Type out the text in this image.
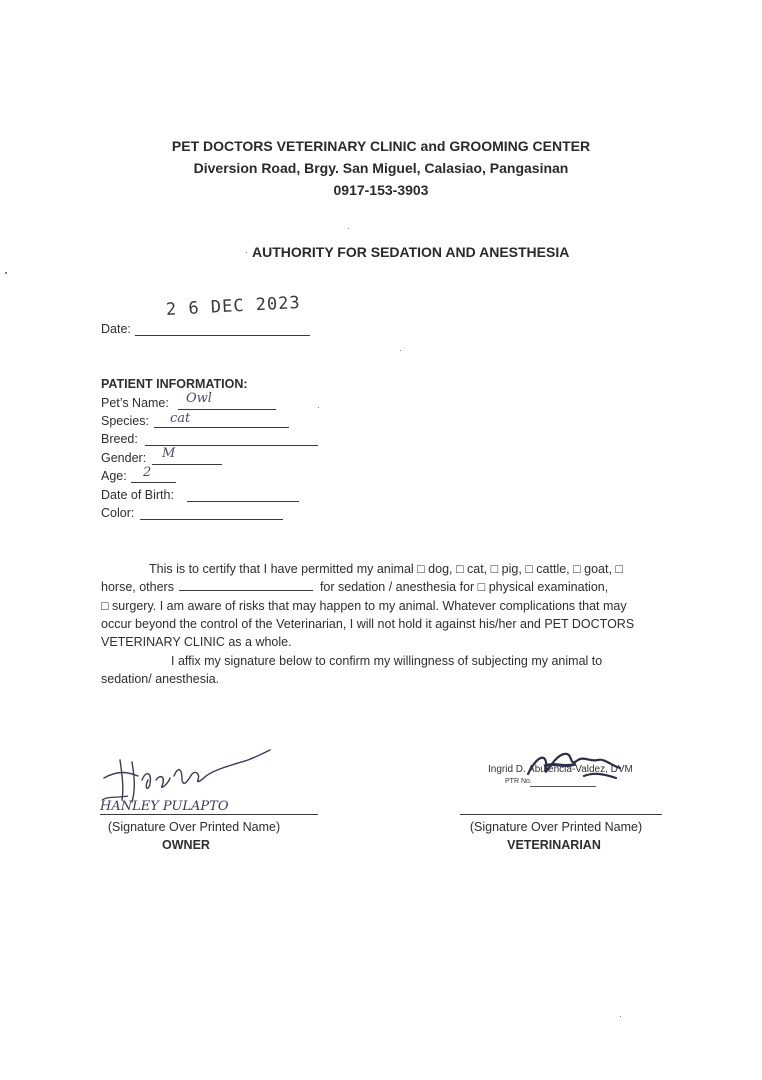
PET DOCTORS VETERINARY CLINIC and GROOMING CENTER
Diversion Road, Brgy. San Miguel, Calasiao, Pangasinan
0917-153-3903
AUTHORITY FOR SEDATION AND ANESTHESIA
2 6 DEC 2023
Date:
PATIENT INFORMATION:
Pet’s Name: Owl
Species: cat
Breed:
Gender: M
Age: 2
Date of Birth:
Color:
This is to certify that I have permitted my animal □ dog, □ cat, □ pig, □ cattle, □ goat, □
horse, others	for sedation / anesthesia for □ physical examination,
□ surgery. I am aware of risks that may happen to my animal. Whatever complications that may
occur beyond the control of the Veterinarian, I will not hold it against his/her and PET DOCTORS
VETERINARY CLINIC as a whole.
I affix my signature below to confirm my willingness of subjecting my animal to
sedation/ anesthesia.
HANLEY PULAPTO
(Signature Over Printed Name)
OWNER
Ingrid D. Abulencia-Valdez, DVM
PTR No.
(Signature Over Printed Name)
VETERINARIAN
